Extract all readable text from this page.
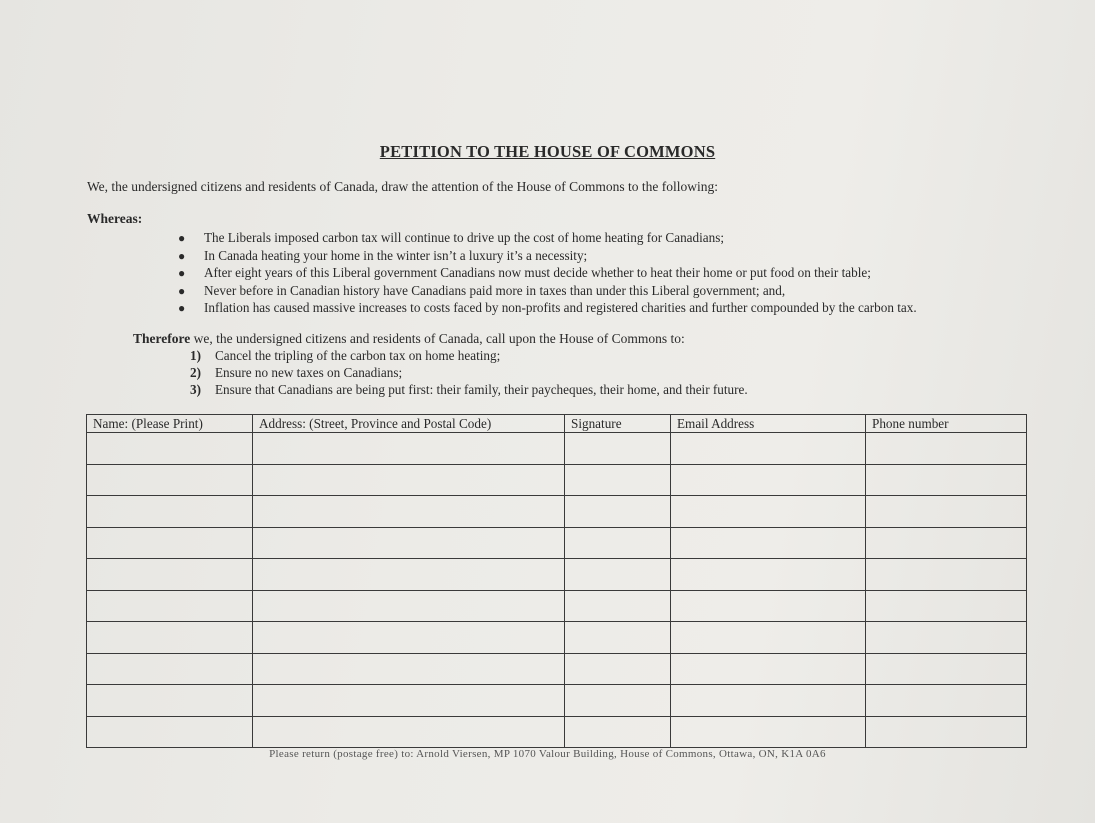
PETITION TO THE HOUSE OF COMMONS
We, the undersigned citizens and residents of Canada, draw the attention of the House of Commons to the following:
Whereas:
● The Liberals imposed carbon tax will continue to drive up the cost of home heating for Canadians;
● In Canada heating your home in the winter isn’t a luxury it’s a necessity;
● After eight years of this Liberal government Canadians now must decide whether to heat their home or put food on their table;
● Never before in Canadian history have Canadians paid more in taxes than under this Liberal government; and,
● Inflation has caused massive increases to costs faced by non-profits and registered charities and further compounded by the carbon tax.
Therefore we, the undersigned citizens and residents of Canada, call upon the House of Commons to:
1) Cancel the tripling of the carbon tax on home heating;
2) Ensure no new taxes on Canadians;
3) Ensure that Canadians are being put first: their family, their paycheques, their home, and their future.
Name: (Please Print)	Address: (Street, Province and Postal Code)	Signature	Email Address	Phone number

Please return (postage free) to: Arnold Viersen, MP 1070 Valour Building, House of Commons, Ottawa, ON, K1A 0A6
